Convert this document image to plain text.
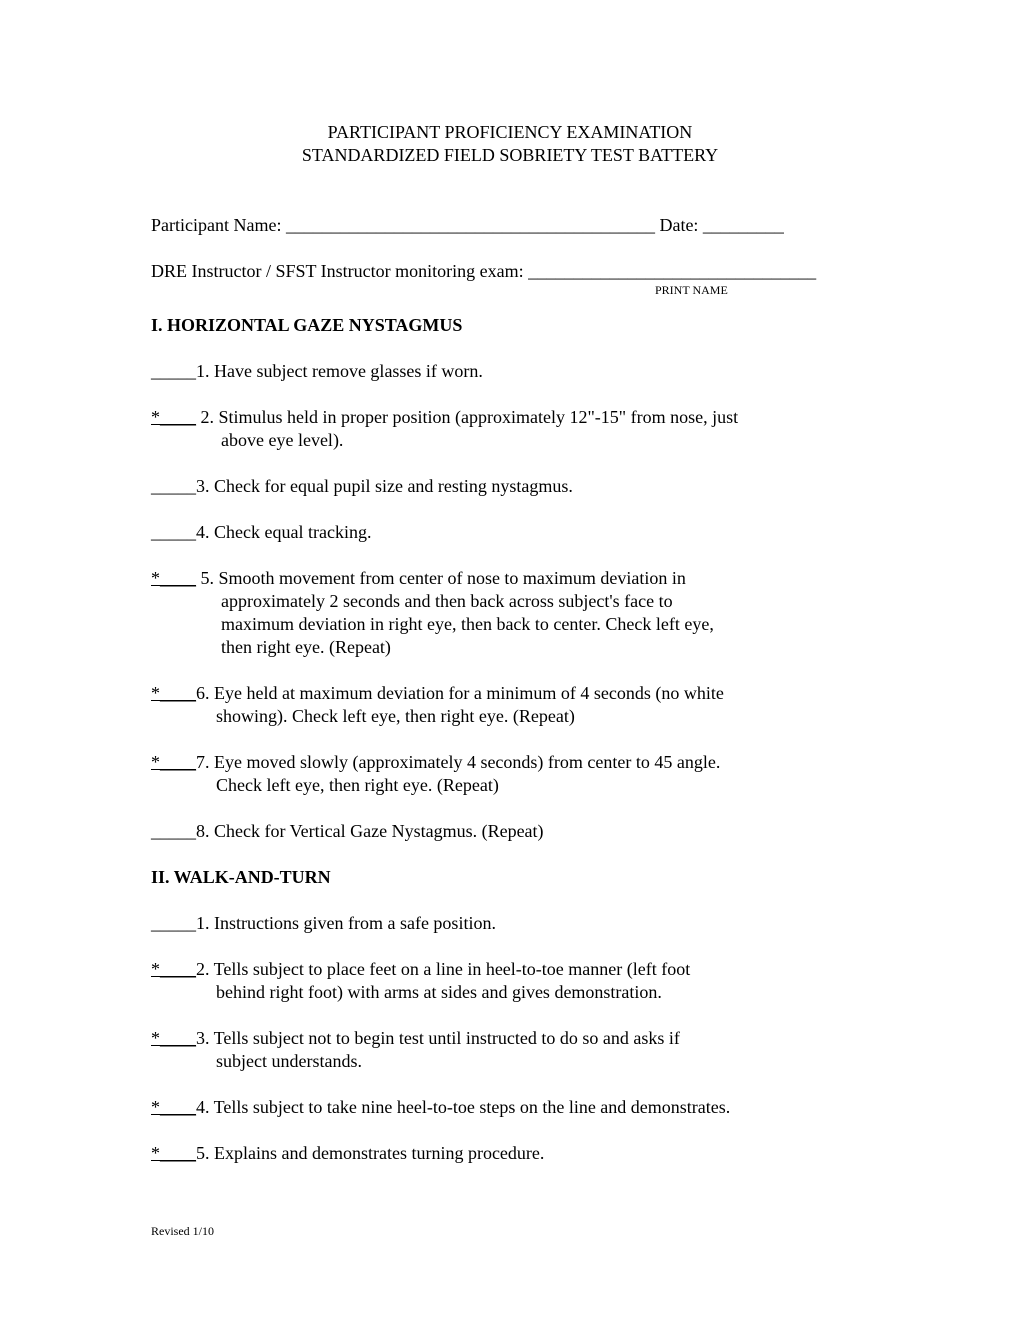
PARTICIPANT PROFICIENCY EXAMINATION
STANDARDIZED FIELD SOBRIETY TEST BATTERY
Participant Name: _________________________________________ Date: _________
DRE Instructor / SFST Instructor monitoring exam: ________________________________
PRINT NAME
I. HORIZONTAL GAZE NYSTAGMUS
_____1. Have subject remove glasses if worn.
*____ 2. Stimulus held in proper position (approximately 12"-15" from nose, just
above eye level).
_____3. Check for equal pupil size and resting nystagmus.
_____4. Check equal tracking.
*____ 5. Smooth movement from center of nose to maximum deviation in
approximately 2 seconds and then back across subject's face to
maximum deviation in right eye, then back to center. Check left eye,
then right eye. (Repeat)
*____6. Eye held at maximum deviation for a minimum of 4 seconds (no white
showing). Check left eye, then right eye. (Repeat)
*____7. Eye moved slowly (approximately 4 seconds) from center to 45 angle.
Check left eye, then right eye. (Repeat)
_____8. Check for Vertical Gaze Nystagmus. (Repeat)
II. WALK-AND-TURN
_____1. Instructions given from a safe position.
*____2. Tells subject to place feet on a line in heel-to-toe manner (left foot
behind right foot) with arms at sides and gives demonstration.
*____3. Tells subject not to begin test until instructed to do so and asks if
subject understands.
*____4. Tells subject to take nine heel-to-toe steps on the line and demonstrates.
*____5. Explains and demonstrates turning procedure.
Revised 1/10
